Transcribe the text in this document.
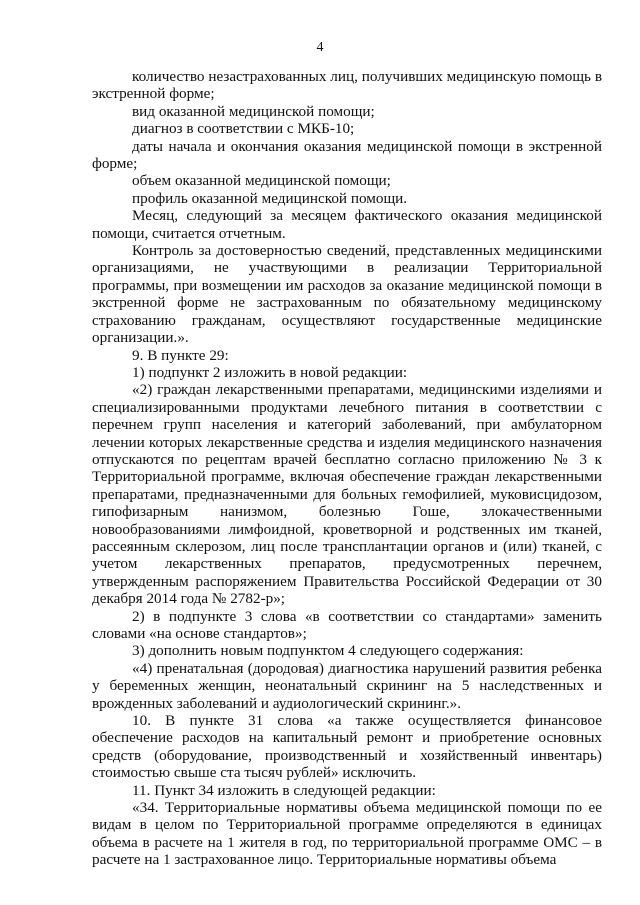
4

количество незастрахованных лиц, получивших медицинскую помощь в экстренной форме;

вид оказанной медицинской помощи;

диагноз в соответствии с МКБ-10;

даты начала и окончания оказания медицинской помощи в экстренной форме;

объем оказанной медицинской помощи;

профиль оказанной медицинской помощи.

Месяц, следующий за месяцем фактического оказания медицинской помощи, считается отчетным.

Контроль за достоверностью сведений, представленных медицинскими организациями, не участвующими в реализации Территориальной программы, при возмещении им расходов за оказание медицинской помощи в экстренной форме не застрахованным по обязательному медицинскому страхованию гражданам, осуществляют государственные медицинские организации.».

9. В пункте 29:

1) подпункт 2 изложить в новой редакции:

«2) граждан лекарственными препаратами, медицинскими изделиями и специализированными продуктами лечебного питания в соответствии с перечнем групп населения и категорий заболеваний, при амбулаторном лечении которых лекарственные средства и изделия медицинского назначения отпускаются по рецептам врачей бесплатно согласно приложению № 3 к Территориальной программе, включая обеспечение граждан лекарственными препаратами, предназначенными для больных гемофилией, муковисцидозом, гипофизарным нанизмом, болезнью Гоше, злокачественными новообразованиями лимфоидной, кроветворной и родственных им тканей, рассеянным склерозом, лиц после трансплантации органов и (или) тканей, с учетом лекарственных препаратов, предусмотренных перечнем, утвержденным распоряжением Правительства Российской Федерации от 30 декабря 2014 года № 2782-р»;

2) в подпункте 3 слова «в соответствии со стандартами» заменить словами «на основе стандартов»;

3) дополнить новым подпунктом 4 следующего содержания:

«4) пренатальная (дородовая) диагностика нарушений развития ребенка у беременных женщин, неонатальный скрининг на 5 наследственных и врожденных заболеваний и аудиологический скрининг.».

10. В пункте 31 слова «а также осуществляется финансовое обеспечение расходов на капитальный ремонт и приобретение основных средств (оборудование, производственный и хозяйственный инвентарь) стоимостью свыше ста тысяч рублей» исключить.

11. Пункт 34 изложить в следующей редакции:

«34. Территориальные нормативы объема медицинской помощи по ее видам в целом по Территориальной программе определяются в единицах объема в расчете на 1 жителя в год, по территориальной программе ОМС – в расчете на 1 застрахованное лицо. Территориальные нормативы объема
